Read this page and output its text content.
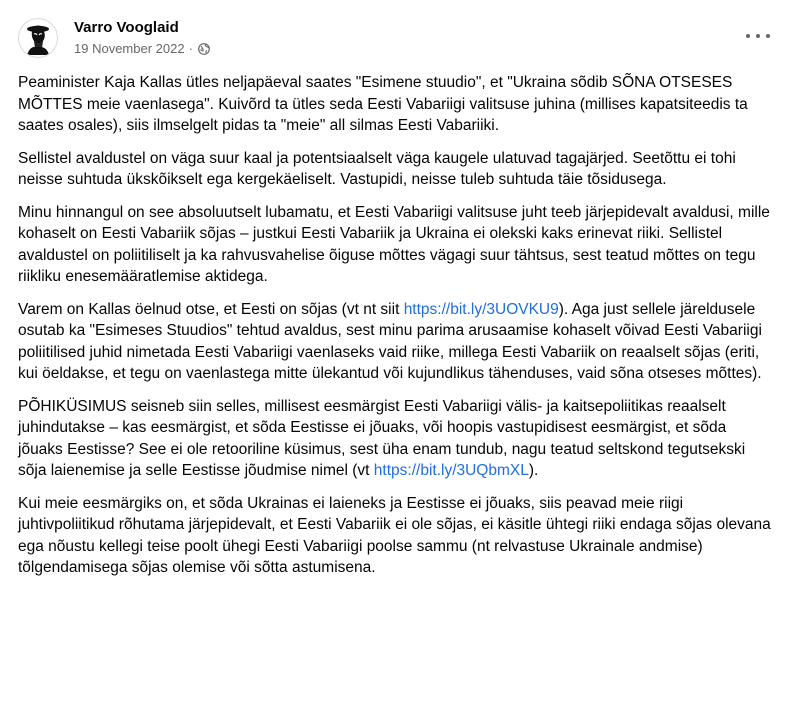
Varro Vooglaid
19 November 2022 ·

Peaminister Kaja Kallas ütles neljapäeval saates "Esimene stuudio", et "Ukraina sõdib SÕNA OTSESES MÕTTES meie vaenlasega". Kuivõrd ta ütles seda Eesti Vabariigi valitsuse juhina (millises kapatsiteedis ta saates osales), siis ilmselgelt pidas ta "meie" all silmas Eesti Vabariiki.

Sellistel avaldustel on väga suur kaal ja potentsiaalselt väga kaugele ulatuvad tagajärjed. Seetõttu ei tohi neisse suhtuda ükskõikselt ega kergekäeliselt. Vastupidi, neisse tuleb suhtuda täie tõsidusega.

Minu hinnangul on see absoluutselt lubamatu, et Eesti Vabariigi valitsuse juht teeb järjepidevalt avaldusi, mille kohaselt on Eesti Vabariik sõjas – justkui Eesti Vabariik ja Ukraina ei olekski kaks erinevat riiki. Sellistel avaldustel on poliitiliselt ja ka rahvusvahelise õiguse mõttes vägagi suur tähtsus, sest teatud mõttes on tegu riikliku enesemääratlemise aktidega.

Varem on Kallas öelnud otse, et Eesti on sõjas (vt nt siit https://bit.ly/3UOVKU9). Aga just sellele järeldusele osutab ka "Esimeses Stuudios" tehtud avaldus, sest minu parima arusaamise kohaselt võivad Eesti Vabariigi poliitilised juhid nimetada Eesti Vabariigi vaenlaseks vaid riike, millega Eesti Vabariik on reaalselt sõjas (eriti, kui öeldakse, et tegu on vaenlastega mitte ülekantud või kujundlikus tähenduses, vaid sõna otseses mõttes).

PÕHIKÜSIMUS seisneb siin selles, millisest eesmärgist Eesti Vabariigi välis- ja kaitsepoliitikas reaalselt juhindutakse – kas eesmärgist, et sõda Eestisse ei jõuaks, või hoopis vastupidisest eesmärgist, et sõda jõuaks Eestisse? See ei ole retooriline küsimus, sest üha enam tundub, nagu teatud seltskond tegutsekski sõja laienemise ja selle Eestisse jõudmise nimel (vt https://bit.ly/3UQbmXL).

Kui meie eesmärgiks on, et sõda Ukrainas ei laieneks ja Eestisse ei jõuaks, siis peavad meie riigi juhtivpoliitikud rõhutama järjepidevalt, et Eesti Vabariik ei ole sõjas, ei käsitle ühtegi riiki endaga sõjas olevana ega nõustu kellegi teise poolt ühegi Eesti Vabariigi poolse sammu (nt relvastuse Ukrainale andmise) tõlgendamisega sõjas olemise või sõtta astumisena.
